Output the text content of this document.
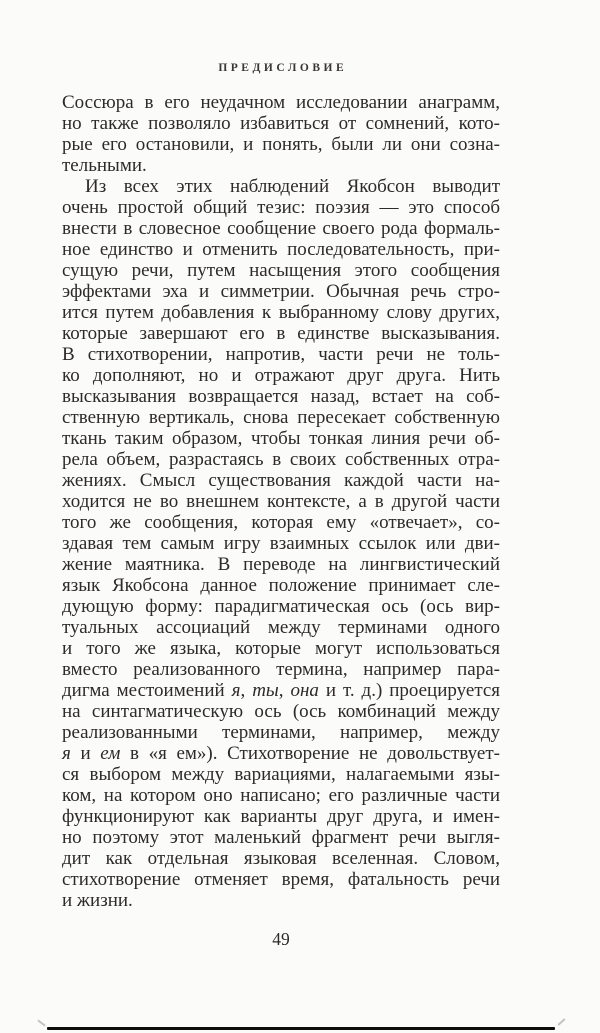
ПРЕДИСЛОВИЕ
Соссюра в его неудачном исследовании анаграмм,
но также позволяло избавиться от сомнений, кото-
рые его остановили, и понять, были ли они созна-
тельными.
Из всех этих наблюдений Якобсон выводит
очень простой общий тезис: поэзия — это способ
внести в словесное сообщение своего рода формаль-
ное единство и отменить последовательность, при-
сущую речи, путем насыщения этого сообщения
эффектами эха и симметрии. Обычная речь стро-
ится путем добавления к выбранному слову других,
которые завершают его в единстве высказывания.
В стихотворении, напротив, части речи не толь-
ко дополняют, но и отражают друг друга. Нить
высказывания возвращается назад, встает на соб-
ственную вертикаль, снова пересекает собственную
ткань таким образом, чтобы тонкая линия речи об-
рела объем, разрастаясь в своих собственных отра-
жениях. Смысл существования каждой части на-
ходится не во внешнем контексте, а в другой части
того же сообщения, которая ему «отвечает», со-
здавая тем самым игру взаимных ссылок или дви-
жение маятника. В переводе на лингвистический
язык Якобсона данное положение принимает сле-
дующую форму: парадигматическая ось (ось вир-
туальных ассоциаций между терминами одного
и того же языка, которые могут использоваться
вместо реализованного термина, например пара-
дигма местоимений я, ты, она и т. д.) проецируется
на синтагматическую ось (ось комбинаций между
реализованными терминами, например, между
я и ем в «я ем»). Стихотворение не довольствует-
ся выбором между вариациями, налагаемыми язы-
ком, на котором оно написано; его различные части
функционируют как варианты друг друга, и имен-
но поэтому этот маленький фрагмент речи выгля-
дит как отдельная языковая вселенная. Словом,
стихотворение отменяет время, фатальность речи
и жизни.
49
